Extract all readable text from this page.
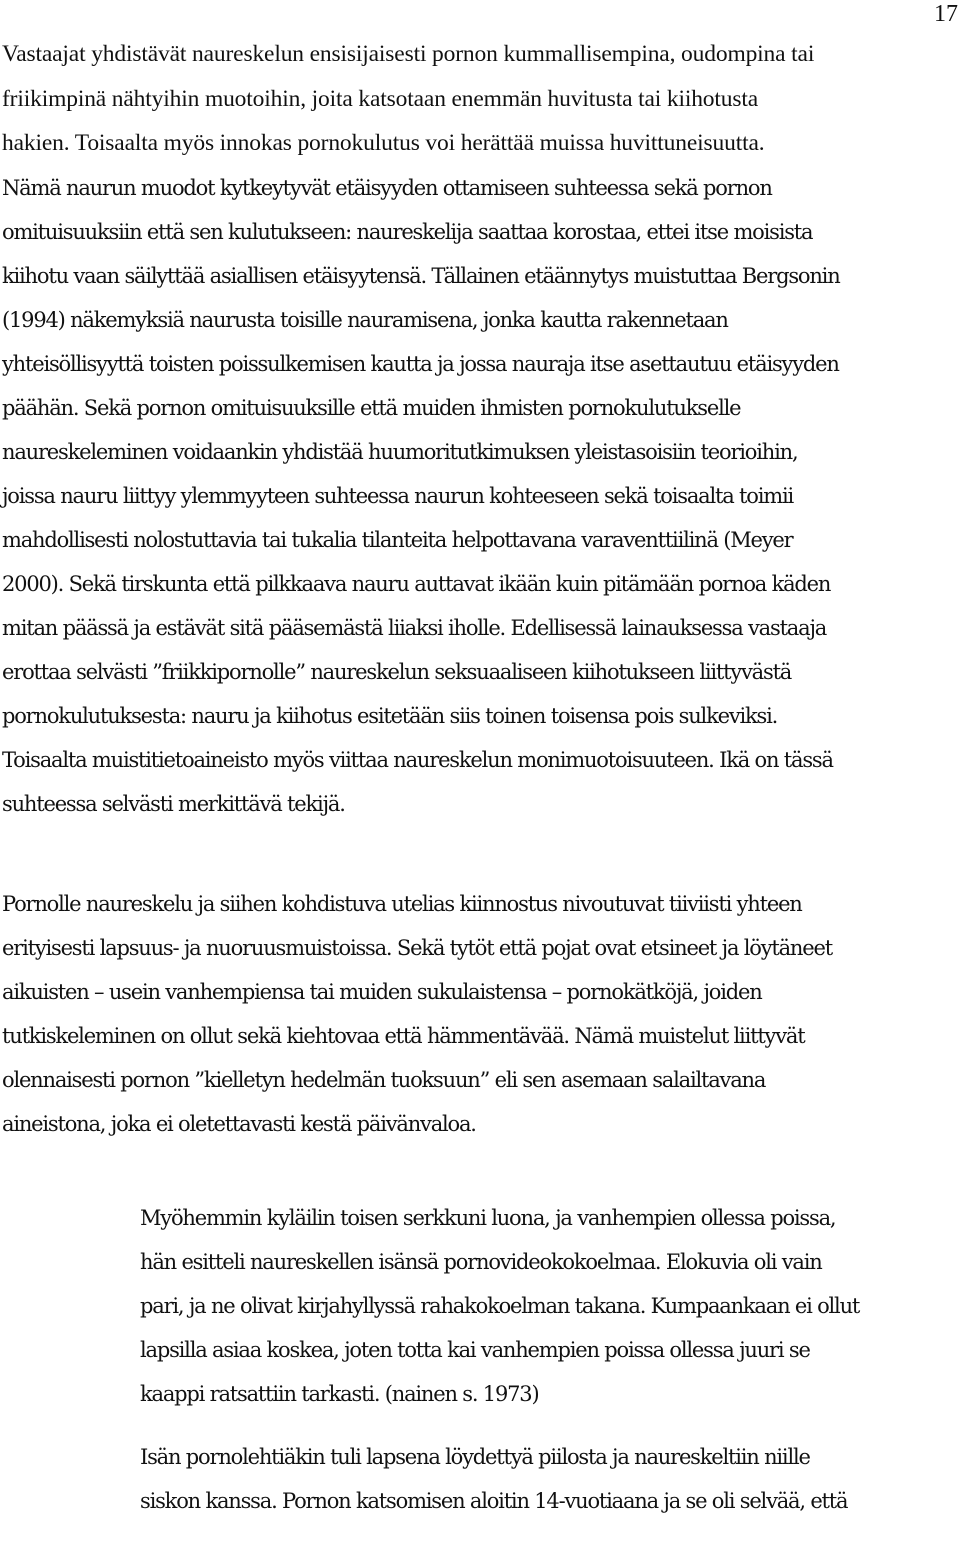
17
Vastaajat yhdistävät naureskelun ensisijaisesti pornon kummallisempina, oudompina tai
friikimpinä nähtyihin muotoihin, joita katsotaan enemmän huvitusta tai kiihotusta
hakien. Toisaalta myös innokas pornokulutus voi herättää muissa huvittuneisuutta.
Nämä naurun muodot kytkeytyvät etäisyyden ottamiseen suhteessa sekä pornon
omituisuuksiin että sen kulutukseen: naureskelija saattaa korostaa, ettei itse moisista
kiihotu vaan säilyttää asiallisen etäisyytensä. Tällainen etäännytys muistuttaa Bergsonin
(1994) näkemyksiä naurusta toisille nauramisena, jonka kautta rakennetaan
yhteisöllisyyttä toisten poissulkemisen kautta ja jossa nauraja itse asettautuu etäisyyden
päähän. Sekä pornon omituisuuksille että muiden ihmisten pornokulutukselle
naureskeleminen voidaankin yhdistää huumoritutkimuksen yleistasoisiin teorioihin,
joissa nauru liittyy ylemmyyteen suhteessa naurun kohteeseen sekä toisaalta toimii
mahdollisesti nolostuttavia tai tukalia tilanteita helpottavana varaventtiilinä (Meyer
2000). Sekä tirskunta että pilkkaava nauru auttavat ikään kuin pitämään pornoa käden
mitan päässä ja estävät sitä pääsemästä liiaksi iholle. Edellisessä lainauksessa vastaaja
erottaa selvästi ”friikkipornolle” naureskelun seksuaaliseen kiihotukseen liittyvästä
pornokulutuksesta: nauru ja kiihotus esitetään siis toinen toisensa pois sulkeviksi.
Toisaalta muistitietoaineisto myös viittaa naureskelun monimuotoisuuteen. Ikä on tässä
suhteessa selvästi merkittävä tekijä.
Pornolle naureskelu ja siihen kohdistuva utelias kiinnostus nivoutuvat tiiviisti yhteen
erityisesti lapsuus- ja nuoruusmuistoissa. Sekä tytöt että pojat ovat etsineet ja löytäneet
aikuisten – usein vanhempiensa tai muiden sukulaistensa – pornokätköjä, joiden
tutkiskeleminen on ollut sekä kiehtovaa että hämmentävää. Nämä muistelut liittyvät
olennaisesti pornon ”kielletyn hedelmän tuoksuun” eli sen asemaan salailtavana
aineistona, joka ei oletettavasti kestä päivänvaloa.
Myöhemmin kyläilin toisen serkkuni luona, ja vanhempien ollessa poissa,
hän esitteli naureskellen isänsä pornovideokokoelmaa. Elokuvia oli vain
pari, ja ne olivat kirjahyllyssä rahakokoelman takana. Kumpaankaan ei ollut
lapsilla asiaa koskea, joten totta kai vanhempien poissa ollessa juuri se
kaappi ratsattiin tarkasti. (nainen s. 1973)
Isän pornolehtiäkin tuli lapsena löydettyä piilosta ja naureskeltiin niille
siskon kanssa. Pornon katsomisen aloitin 14-vuotiaana ja se oli selvää, että
